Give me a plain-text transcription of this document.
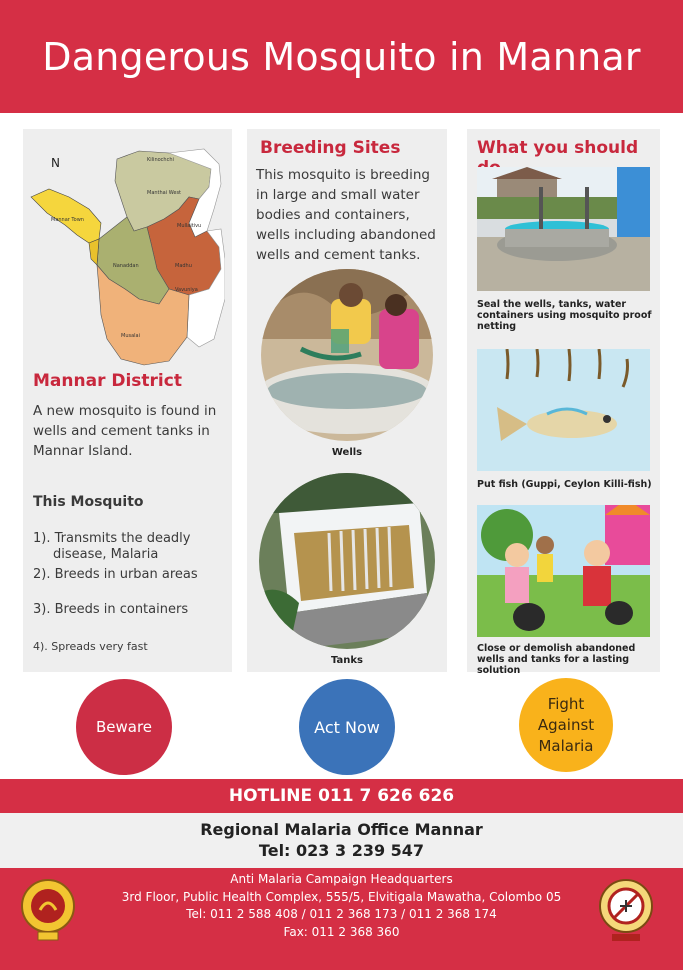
Dangerous Mosquito in Mannar
N	Kilinochchi
Manthai West
Mannar Town
Mullaitivu
Nanaddan	Madhu
Vavuniya
Musalai
Mannar District
A new mosquito is found in wells and cement tanks in Mannar Island.
This Mosquito
1). Transmits the deadly
disease, Malaria
2). Breeds in urban areas
3). Breeds in containers
4). Spreads very fast
Breeding Sites
This mosquito is breeding in large and small water bodies and containers, wells including abandoned wells and cement tanks.
Wells
Tanks
What you should
Seal the wells, tanks, water containers using mosquito proof netting
Put fish (Guppi, Ceylon Killi-fish)
Close or demolish abandoned wells and tanks for a lasting solution
Beware	Act Now
Fight Against Malaria
HOTLINE 011 7 626 626
Regional Malaria Office Mannar
Tel: 023 3 239 547
Anti Malaria Campaign Headquarters
3rd Floor, Public Health Complex, 555/5, Elvitigala Mawatha, Colombo 05
Tel: 011 2 588 408 / 011 2 368 173 / 011 2 368 174
Fax: 011 2 368 360
